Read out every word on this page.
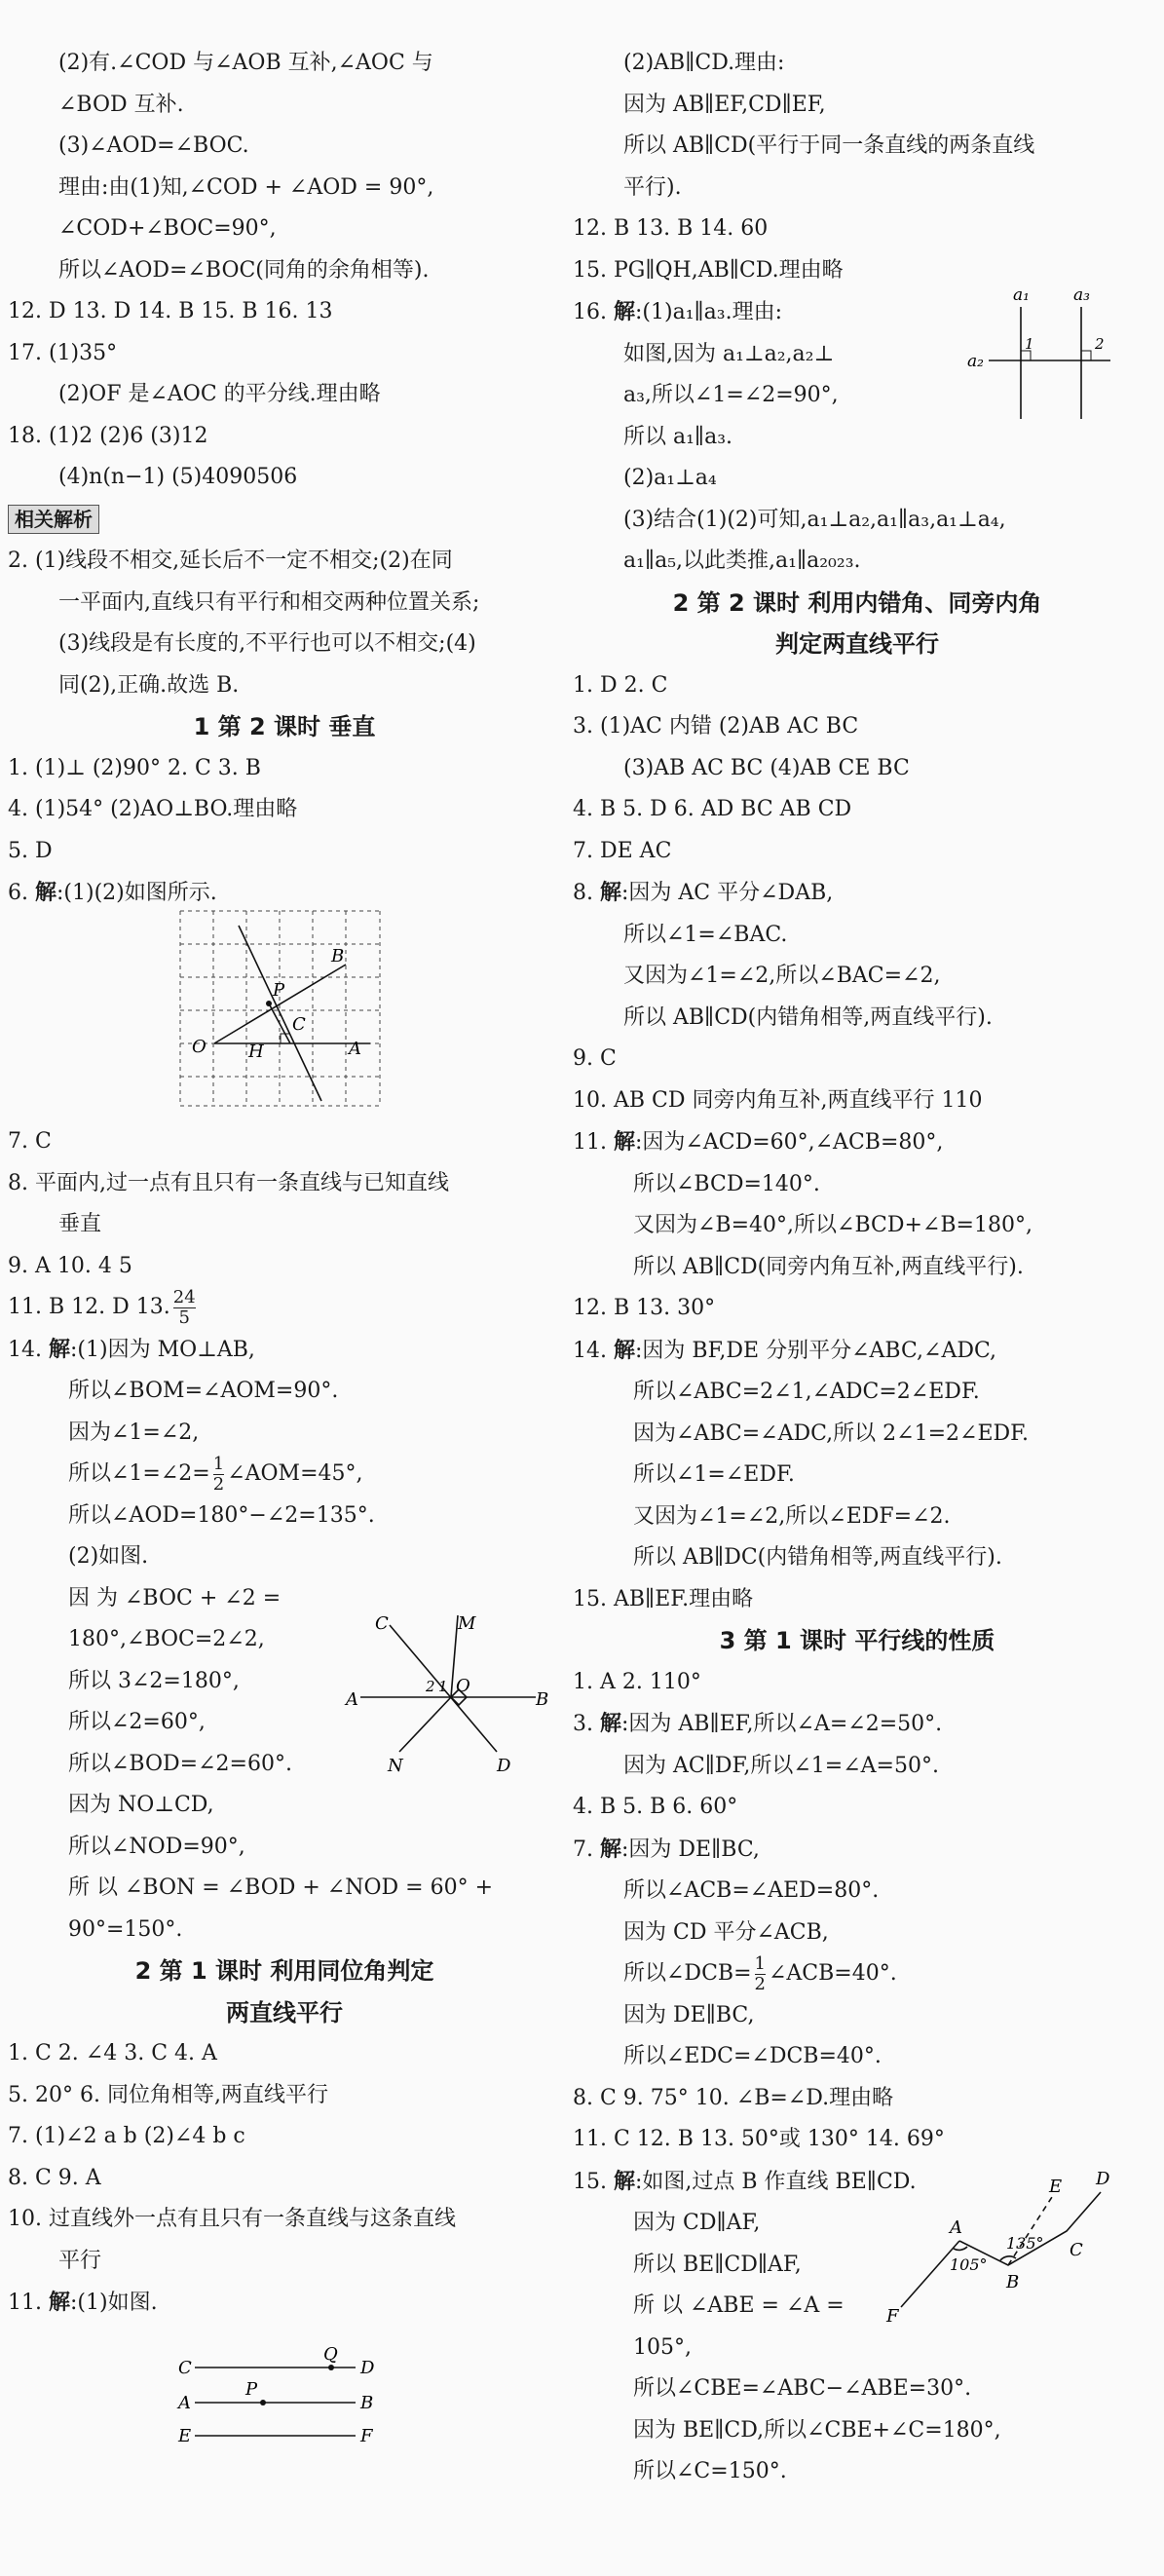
(2)有.∠COD 与∠AOB 互补,∠AOC 与
∠BOD 互补.
(3)∠AOD=∠BOC.
理由:由(1)知,∠COD + ∠AOD = 90°,
∠COD+∠BOC=90°,
所以∠AOD=∠BOC(同角的余角相等).
12. D 13. D 14. B 15. B 16. 13
17. (1)35°
(2)OF 是∠AOC 的平分线.理由略
18. (1)2 (2)6 (3)12
(4)n(n−1) (5)4090506
相关解析
2. (1)线段不相交,延长后不一定不相交;(2)在同
一平面内,直线只有平行和相交两种位置关系;
(3)线段是有长度的,不平行也可以不相交;(4)
同(2),正确.故选 B.
1 第 2 课时 垂直
1. (1)⊥ (2)90° 2. C 3. B
4. (1)54° (2)AO⊥BO.理由略
5. D
6. 解:(1)(2)如图所示.
7. C
8. 平面内,过一点有且只有一条直线与已知直线
垂直
9. A 10. 4 5
11. B 12. D 13. $\frac{24}{5}$
14. 解:(1)因为 MO⊥AB,
所以∠BOM=∠AOM=90°.
因为∠1=∠2,
所以∠1=∠2= $\frac{1}{2}$ ∠AOM=45°,
所以∠AOD=180°−∠2=135°.
(2)如图.
因 为 ∠BOC + ∠2 =
180°,∠BOC=2∠2,
所以 3∠2=180°,
所以∠2=60°,
所以∠BOD=∠2=60°.
因为 NO⊥CD,
所以∠NOD=90°,
所 以 ∠BON = ∠BOD + ∠NOD = 60° +
90°=150°.
2 第 1 课时 利用同位角判定
两直线平行
1. C 2. ∠4 3. C 4. A
5. 20° 6. 同位角相等,两直线平行
7. (1)∠2 a b (2)∠4 b c
8. C 9. A
10. 过直线外一点有且只有一条直线与这条直线
平行
11. 解:(1)如图.
(2)AB∥CD.理由:
因为 AB∥EF,CD∥EF,
所以 AB∥CD(平行于同一条直线的两条直线
平行).
12. B 13. B 14. 60
15. PG∥QH,AB∥CD.理由略
16. 解:(1)a₁∥a₃.理由:
如图,因为 a₁⊥a₂,a₂⊥
a₃,所以∠1=∠2=90°,
所以 a₁∥a₃.
(2)a₁⊥a₄
(3)结合(1)(2)可知,a₁⊥a₂,a₁∥a₃,a₁⊥a₄,
a₁∥a₅,以此类推,a₁∥a₂₀₂₃.
2 第 2 课时 利用内错角、同旁内角
判定两直线平行
1. D 2. C
3. (1)AC 内错 (2)AB AC BC
(3)AB AC BC (4)AB CE BC
4. B 5. D 6. AD BC AB CD
7. DE AC
8. 解:因为 AC 平分∠DAB,
所以∠1=∠BAC.
又因为∠1=∠2,所以∠BAC=∠2,
所以 AB∥CD(内错角相等,两直线平行).
9. C
10. AB CD 同旁内角互补,两直线平行 110
11. 解:因为∠ACD=60°,∠ACB=80°,
所以∠BCD=140°.
又因为∠B=40°,所以∠BCD+∠B=180°,
所以 AB∥CD(同旁内角互补,两直线平行).
12. B 13. 30°
14. 解:因为 BF,DE 分别平分∠ABC,∠ADC,
所以∠ABC=2∠1,∠ADC=2∠EDF.
因为∠ABC=∠ADC,所以 2∠1=2∠EDF.
所以∠1=∠EDF.
又因为∠1=∠2,所以∠EDF=∠2.
所以 AB∥DC(内错角相等,两直线平行).
15. AB∥EF.理由略
3 第 1 课时 平行线的性质
1. A 2. 110°
3. 解:因为 AB∥EF,所以∠A=∠2=50°.
因为 AC∥DF,所以∠1=∠A=50°.
4. B 5. B 6. 60°
7. 解:因为 DE∥BC,
所以∠ACB=∠AED=80°.
因为 CD 平分∠ACB,
所以∠DCB= $\frac{1}{2}$ ∠ACB=40°.
因为 DE∥BC,
所以∠EDC=∠DCB=40°.
8. C 9. 75° 10. ∠B=∠D.理由略
11. C 12. B 13. 50°或 130° 14. 69°
15. 解:如图,过点 B 作直线 BE∥CD.
因为 CD∥AF,
所以 BE∥CD∥AF,
所 以 ∠ABE = ∠A =
105°,
所以∠CBE=∠ABC−∠ABE=30°.
因为 BE∥CD,所以∠CBE+∠C=180°,
所以∠C=150°.
O H
C
A
B
P
C	M
A
O
B
N	D
1
2
C	D
A	B
E	F
P
Q
a₁	a₃
a₂
1	2
E D
A
B
C
F
105°
135°
